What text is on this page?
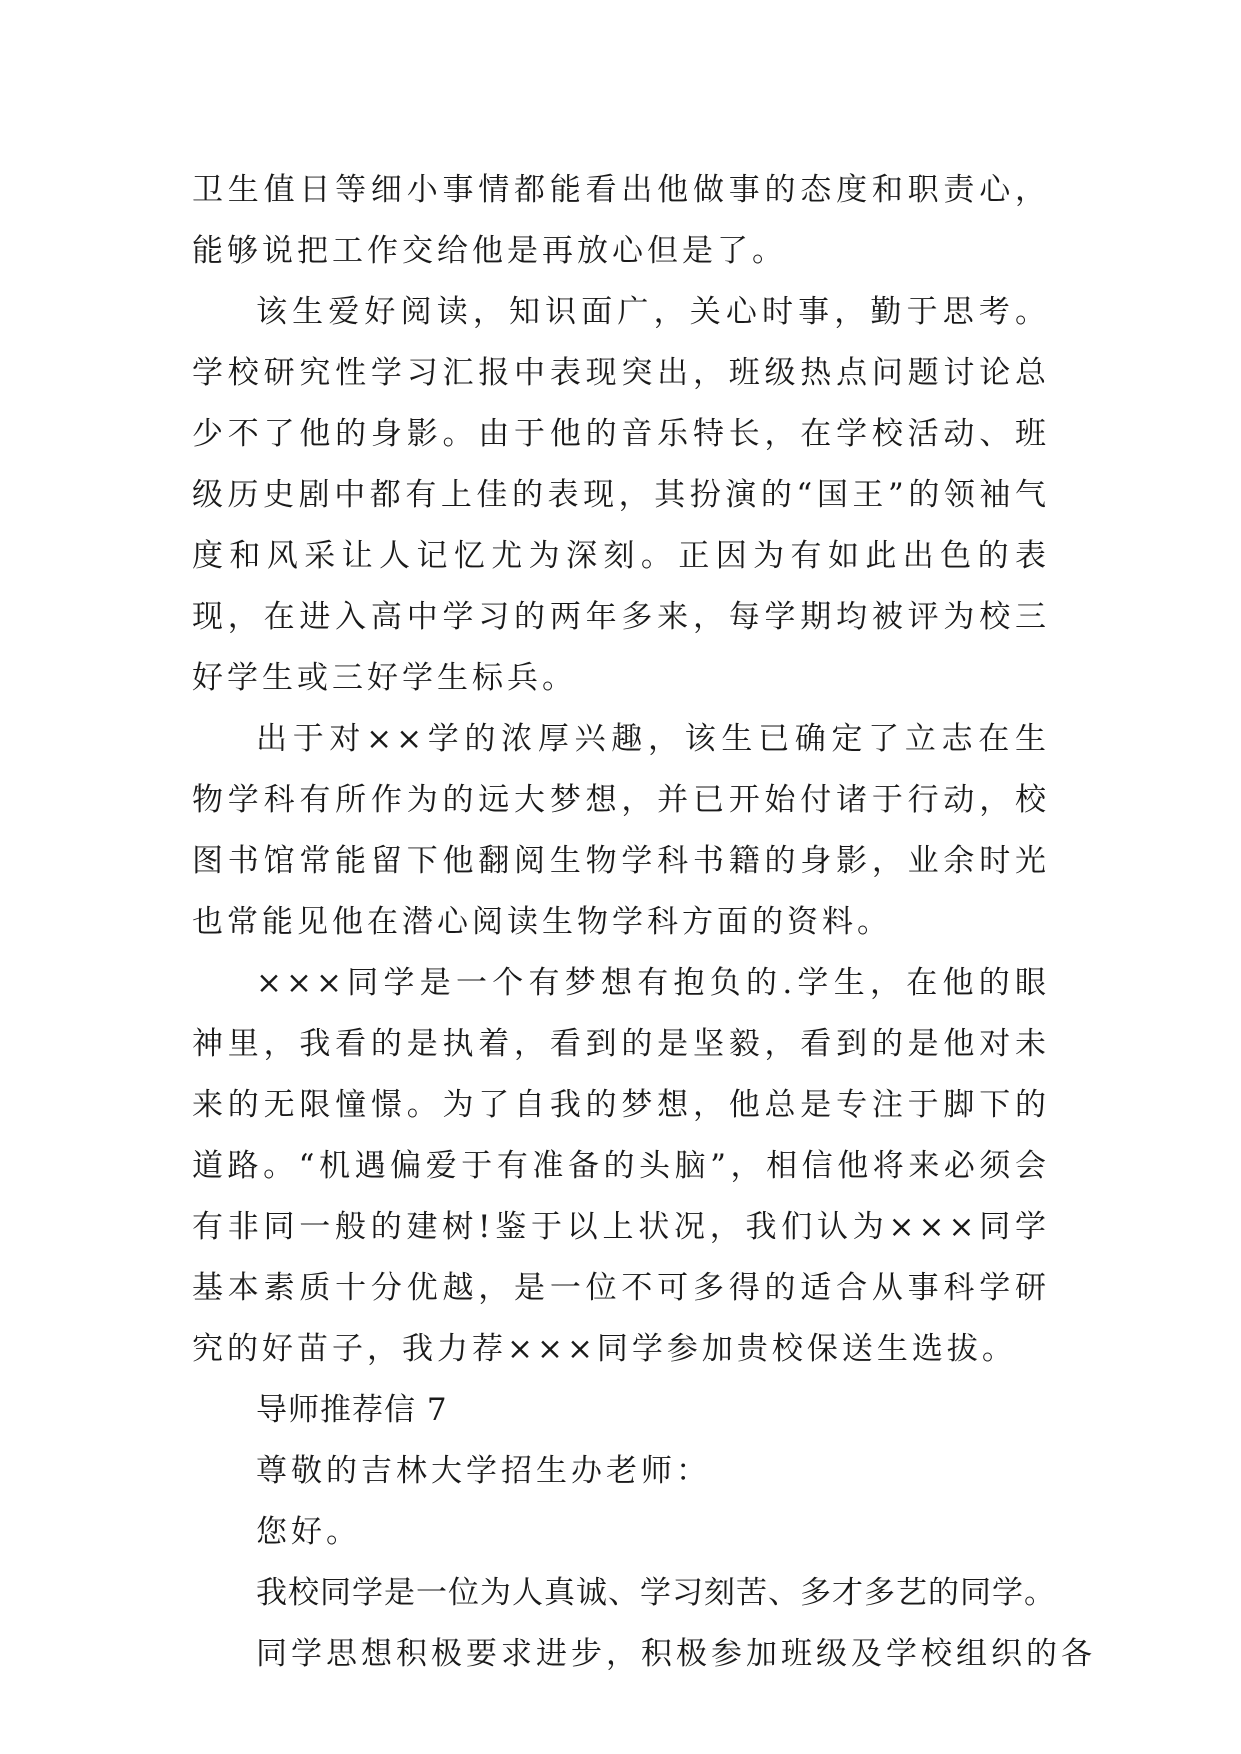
卫生值日等细小事情都能看出他做事的态度和职责心，能够说把工作交给他是再放心但是了。

该生爱好阅读，知识面广，关心时事，勤于思考。学校研究性学习汇报中表现突出，班级热点问题讨论总少不了他的身影。由于他的音乐特长，在学校活动、班级历史剧中都有上佳的表现，其扮演的“国王”的领袖气度和风采让人记忆尤为深刻。正因为有如此出色的表现，在进入高中学习的两年多来，每学期均被评为校三好学生或三好学生标兵。

出于对××学的浓厚兴趣，该生已确定了立志在生物学科有所作为的远大梦想，并已开始付诸于行动，校图书馆常能留下他翻阅生物学科书籍的身影，业余时光也常能见他在潜心阅读生物学科方面的资料。

×××同学是一个有梦想有抱负的.学生，在他的眼神里，我看的是执着，看到的是坚毅，看到的是他对未来的无限憧憬。为了自我的梦想，他总是专注于脚下的道路。“机遇偏爱于有准备的头脑”，相信他将来必须会有非同一般的建树!鉴于以上状况，我们认为×××同学基本素质十分优越，是一位不可多得的适合从事科学研究的好苗子，我力荐×××同学参加贵校保送生选拔。

导师推荐信 7

尊敬的吉林大学招生办老师：

您好。

我校同学是一位为人真诚、学习刻苦、多才多艺的同学。

同学思想积极要求进步，积极参加班级及学校组织的各
